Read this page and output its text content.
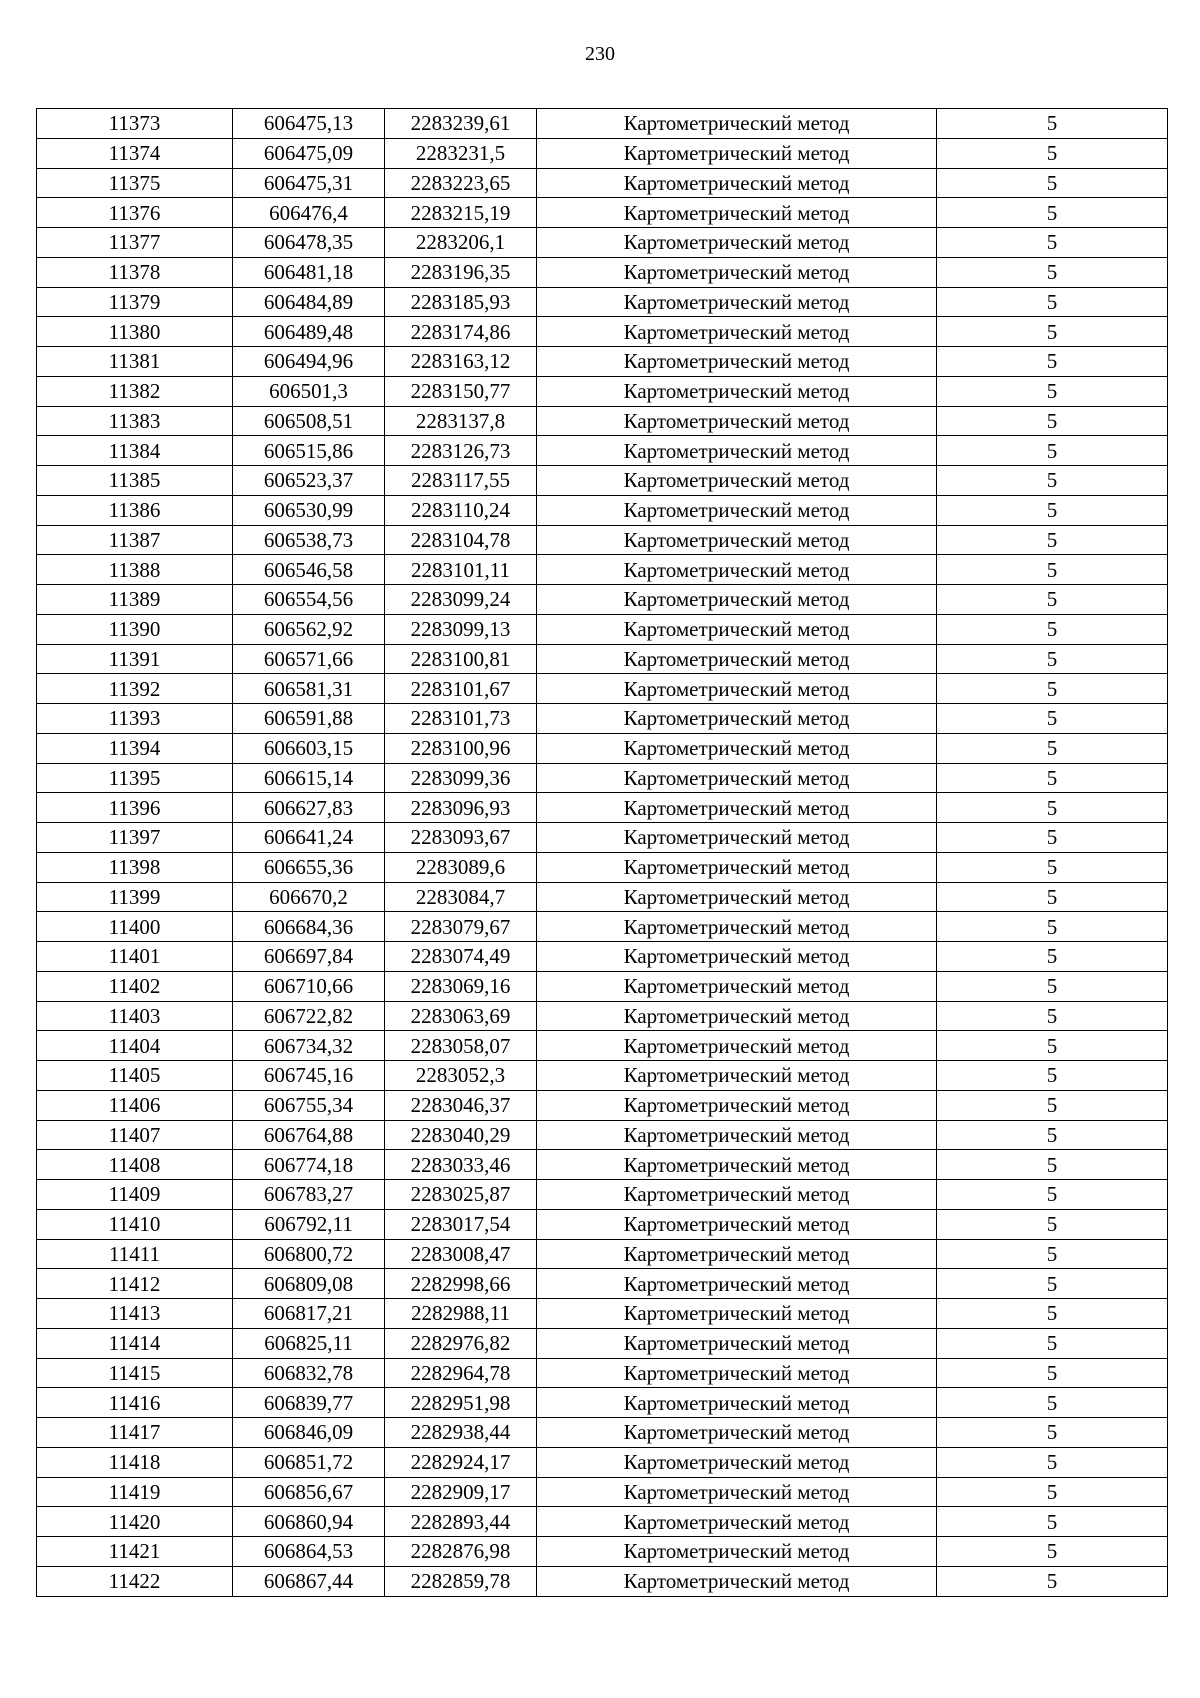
230
11373	606475,13	2283239,61	Картометрический метод	5
11374	606475,09	2283231,5	Картометрический метод	5
11375	606475,31	2283223,65	Картометрический метод	5
11376	606476,4	2283215,19	Картометрический метод	5
11377	606478,35	2283206,1	Картометрический метод	5
11378	606481,18	2283196,35	Картометрический метод	5
11379	606484,89	2283185,93	Картометрический метод	5
11380	606489,48	2283174,86	Картометрический метод	5
11381	606494,96	2283163,12	Картометрический метод	5
11382	606501,3	2283150,77	Картометрический метод	5
11383	606508,51	2283137,8	Картометрический метод	5
11384	606515,86	2283126,73	Картометрический метод	5
11385	606523,37	2283117,55	Картометрический метод	5
11386	606530,99	2283110,24	Картометрический метод	5
11387	606538,73	2283104,78	Картометрический метод	5
11388	606546,58	2283101,11	Картометрический метод	5
11389	606554,56	2283099,24	Картометрический метод	5
11390	606562,92	2283099,13	Картометрический метод	5
11391	606571,66	2283100,81	Картометрический метод	5
11392	606581,31	2283101,67	Картометрический метод	5
11393	606591,88	2283101,73	Картометрический метод	5
11394	606603,15	2283100,96	Картометрический метод	5
11395	606615,14	2283099,36	Картометрический метод	5
11396	606627,83	2283096,93	Картометрический метод	5
11397	606641,24	2283093,67	Картометрический метод	5
11398	606655,36	2283089,6	Картометрический метод	5
11399	606670,2	2283084,7	Картометрический метод	5
11400	606684,36	2283079,67	Картометрический метод	5
11401	606697,84	2283074,49	Картометрический метод	5
11402	606710,66	2283069,16	Картометрический метод	5
11403	606722,82	2283063,69	Картометрический метод	5
11404	606734,32	2283058,07	Картометрический метод	5
11405	606745,16	2283052,3	Картометрический метод	5
11406	606755,34	2283046,37	Картометрический метод	5
11407	606764,88	2283040,29	Картометрический метод	5
11408	606774,18	2283033,46	Картометрический метод	5
11409	606783,27	2283025,87	Картометрический метод	5
11410	606792,11	2283017,54	Картометрический метод	5
11411	606800,72	2283008,47	Картометрический метод	5
11412	606809,08	2282998,66	Картометрический метод	5
11413	606817,21	2282988,11	Картометрический метод	5
11414	606825,11	2282976,82	Картометрический метод	5
11415	606832,78	2282964,78	Картометрический метод	5
11416	606839,77	2282951,98	Картометрический метод	5
11417	606846,09	2282938,44	Картометрический метод	5
11418	606851,72	2282924,17	Картометрический метод	5
11419	606856,67	2282909,17	Картометрический метод	5
11420	606860,94	2282893,44	Картометрический метод	5
11421	606864,53	2282876,98	Картометрический метод	5
11422	606867,44	2282859,78	Картометрический метод	5
